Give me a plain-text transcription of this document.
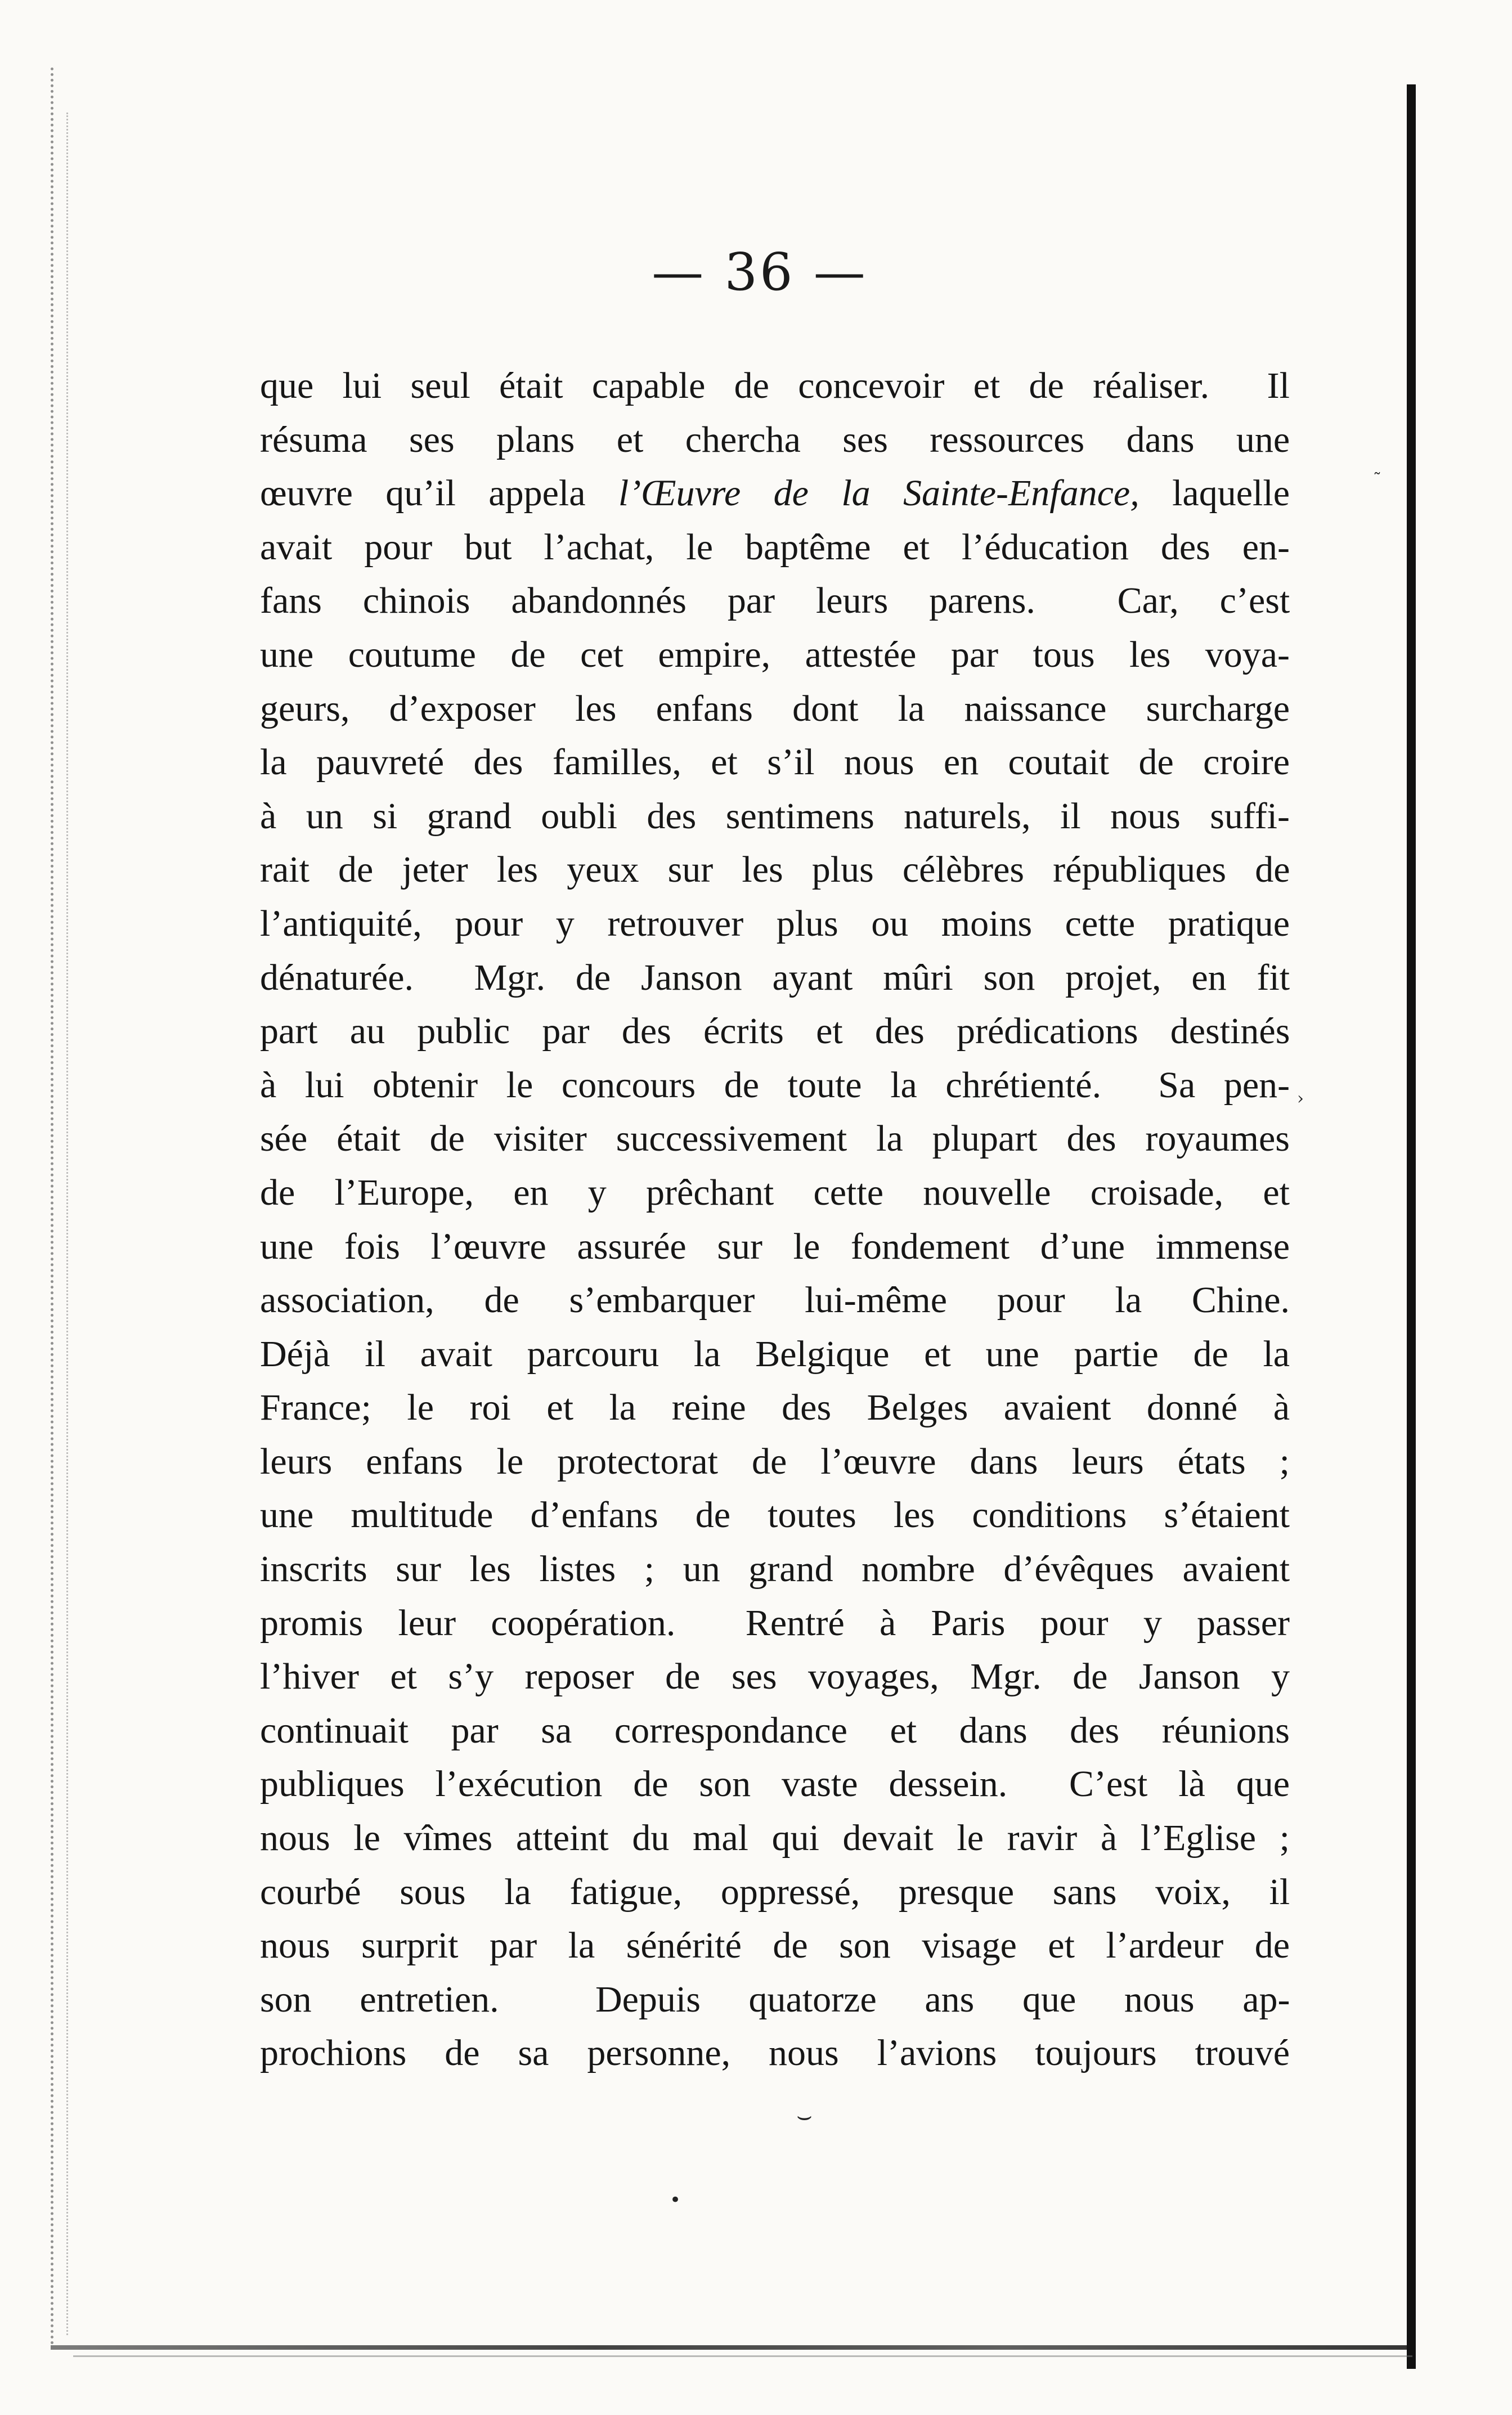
— 36 —
que lui seul était capable de concevoir et de réaliser.  Il
résuma ses plans et chercha ses ressources dans une
œuvre qu’il appela l’Œuvre de la Sainte-Enfance, laquelle
avait pour but l’achat, le baptême et l’éducation des en-
fans chinois abandonnés par leurs parens.  Car, c’est
une coutume de cet empire, attestée par tous les voya-
geurs, d’exposer les enfans dont la naissance surcharge
la pauvreté des familles, et s’il nous en coutait de croire
à un si grand oubli des sentimens naturels, il nous suffi-
rait de jeter les yeux sur les plus célèbres républiques de
l’antiquité, pour y retrouver plus ou moins cette pratique
dénaturée.  Mgr. de Janson ayant mûri son projet, en fit
part au public par des écrits et des prédications destinés
à lui obtenir le concours de toute la chrétienté.  Sa pen-
sée était de visiter successivement la plupart des royaumes
de l’Europe, en y prêchant cette nouvelle croisade, et
une fois l’œuvre assurée sur le fondement d’une immense
association, de s’embarquer lui-même pour la Chine.
Déjà il avait parcouru la Belgique et une partie de la
France; le roi et la reine des Belges avaient donné à
leurs enfans le protectorat de l’œuvre dans leurs états ;
une multitude d’enfans de toutes les conditions s’étaient
inscrits sur les listes ; un grand nombre d’évêques avaient
promis leur coopération.  Rentré à Paris pour y passer
l’hiver et s’y reposer de ses voyages, Mgr. de Janson y
continuait par sa correspondance et dans des réunions
publiques l’exécution de son vaste dessein.  C’est là que
nous le vîmes atteint du mal qui devait le ravir à l’Eglise ;
courbé sous la fatigue, oppressé, presque sans voix, il
nous surprit par la sénérité de son visage et l’ardeur de
son entretien.  Depuis quatorze ans que nous ap-
prochions de sa personne, nous l’avions toujours trouvé
⌣
•
˜
›
